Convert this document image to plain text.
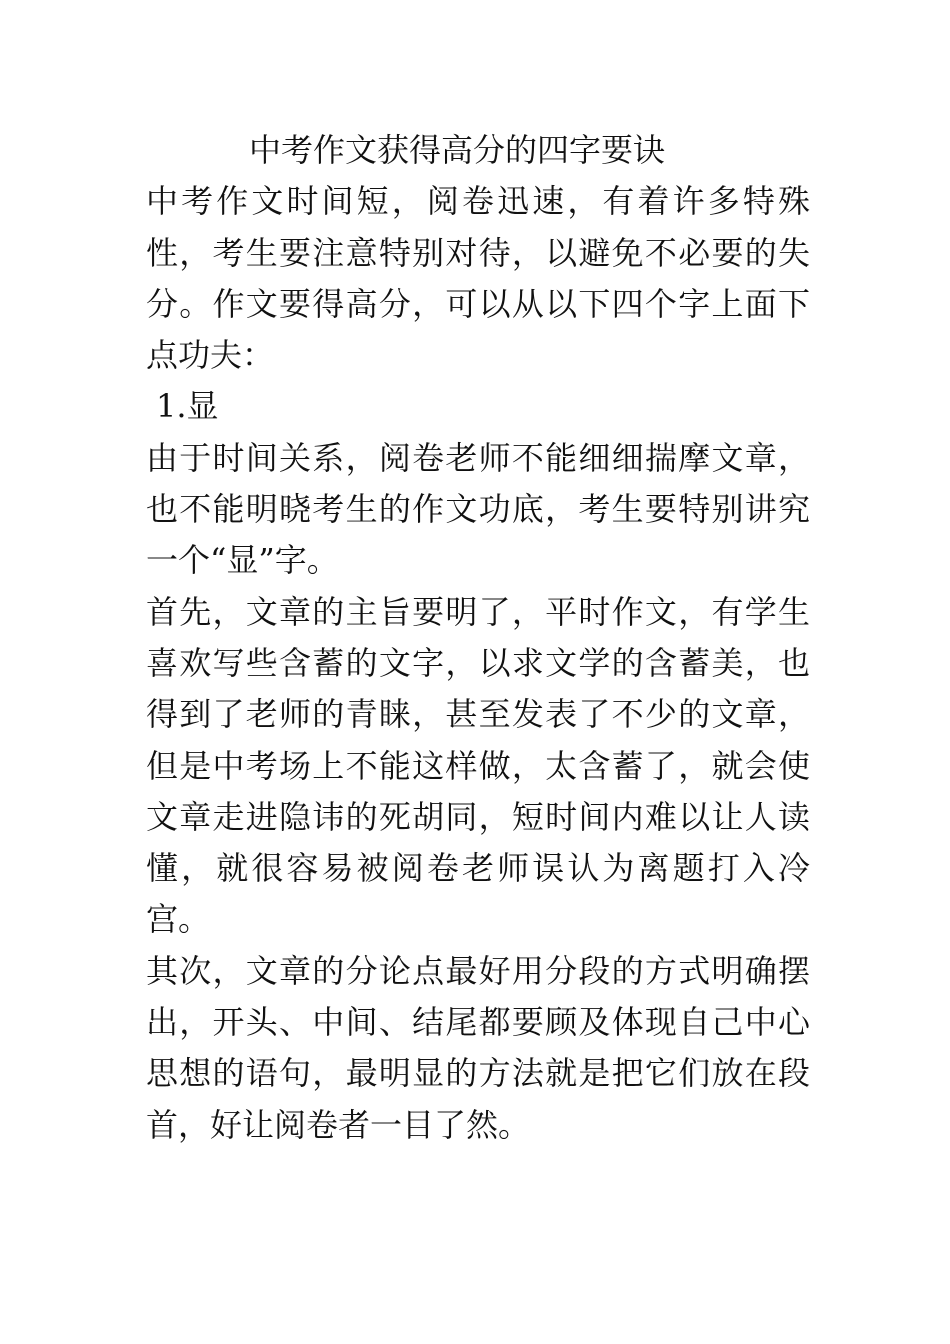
中考作文获得高分的四字要诀

中考作文时间短，阅卷迅速，有着许多特殊性，考生要注意特别对待，以避免不必要的失分。作文要得高分，可以从以下四个字上面下点功夫：

1.显

由于时间关系，阅卷老师不能细细揣摩文章，也不能明晓考生的作文功底，考生要特别讲究一个“显”字。

首先，文章的主旨要明了，平时作文，有学生喜欢写些含蓄的文字，以求文学的含蓄美，也得到了老师的青睐，甚至发表了不少的文章，但是中考场上不能这样做，太含蓄了，就会使文章走进隐讳的死胡同，短时间内难以让人读懂，就很容易被阅卷老师误认为离题打入冷宫。

其次，文章的分论点最好用分段的方式明确摆出，开头、中间、结尾都要顾及体现自己中心思想的语句，最明显的方法就是把它们放在段首，好让阅卷者一目了然。
